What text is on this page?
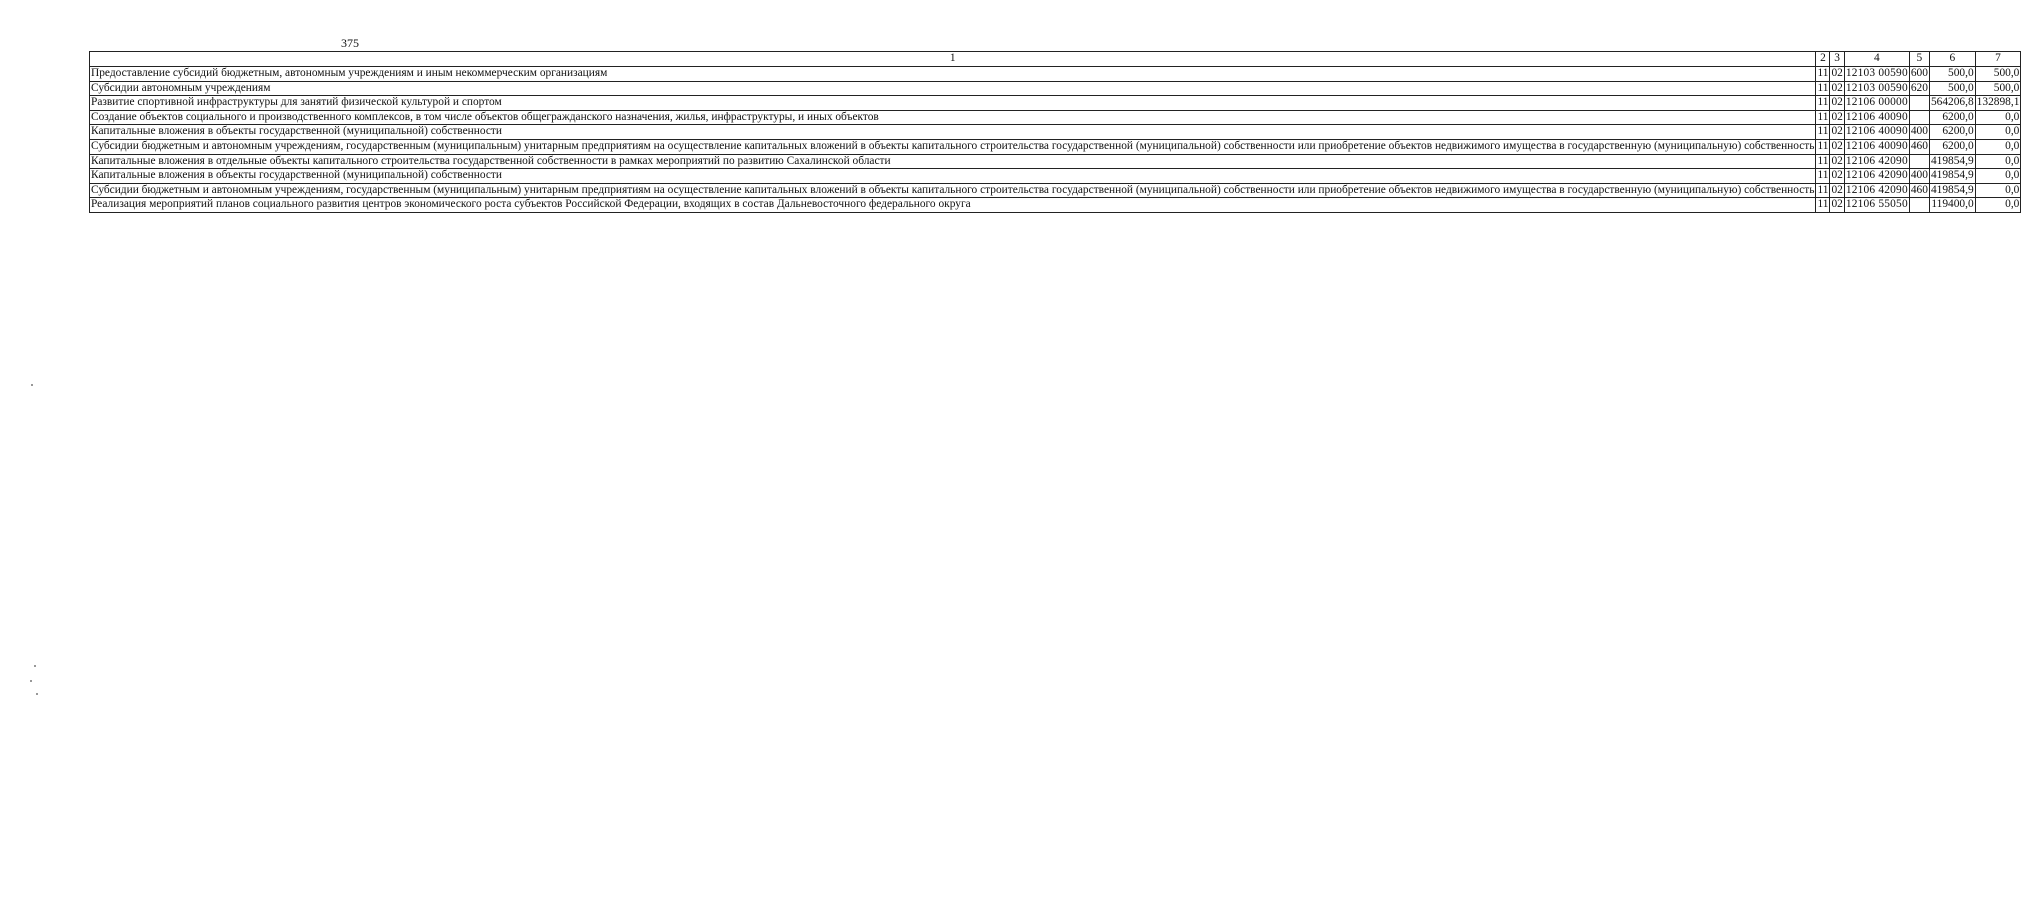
375
1	2	3	4	5	6	7
Предоставление субсидий бюджетным, автономным учреждениям и иным некоммерческим организациям	11	02	12103 00590	600	500,0	500,0
Субсидии автономным учреждениям	11	02	12103 00590	620	500,0	500,0
Развитие спортивной инфраструктуры для занятий физической культурой и спортом	11	02	12106 00000		564206,8	132898,1
Создание объектов социального и производственного комплексов, в том числе объектов общегражданского назначения, жилья, инфраструктуры, и иных объектов	11	02	12106 40090		6200,0	0,0
Капитальные вложения в объекты государственной (муниципальной) собственности	11	02	12106 40090	400	6200,0	0,0
Субсидии бюджетным и автономным учреждениям, государственным (муниципальным) унитарным предприятиям на осуществление капитальных вложений в объекты капитального строительства государственной (муниципальной) собственности или приобретение объектов недвижимого имущества в государственную (муниципальную) собственность	11	02	12106 40090	460	6200,0	0,0
Капитальные вложения в отдельные объекты капитального строительства государственной собственности в рамках мероприятий по развитию Сахалинской области	11	02	12106 42090		419854,9	0,0
Капитальные вложения в объекты государственной (муниципальной) собственности	11	02	12106 42090	400	419854,9	0,0
Субсидии бюджетным и автономным учреждениям, государственным (муниципальным) унитарным предприятиям на осуществление капитальных вложений в объекты капитального строительства государственной (муниципальной) собственности или приобретение объектов недвижимого имущества в государственную (муниципальную) собственность	11	02	12106 42090	460	419854,9	0,0
Реализация мероприятий планов социального развития центров экономического роста субъектов Российской Федерации, входящих в состав Дальневосточного федерального округа	11	02	12106 55050		119400,0	0,0
